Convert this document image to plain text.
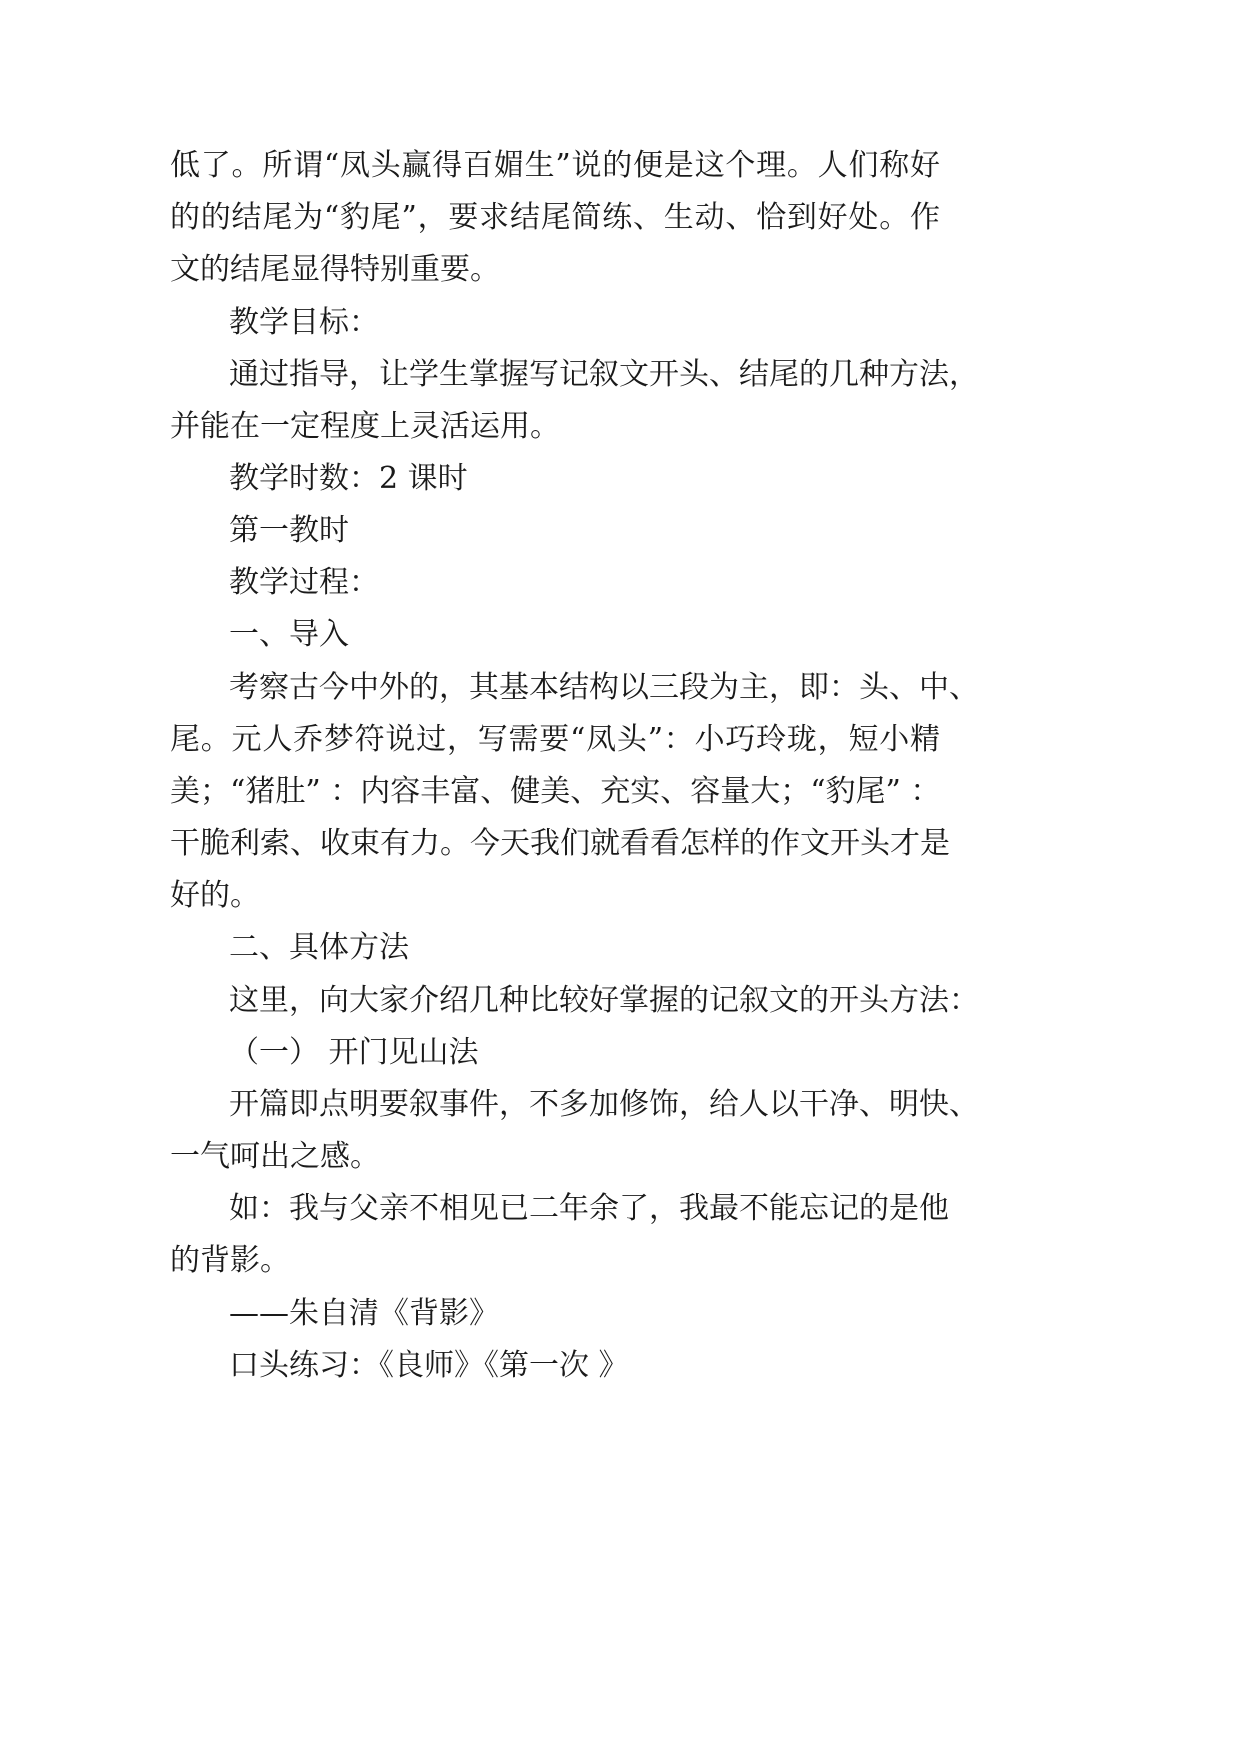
低了。所谓“凤头赢得百媚生”说的便是这个理。人们称好
的的结尾为“豹尾”，要求结尾简练、生动、恰到好处。作
文的结尾显得特别重要。
教学目标：
通过指导，让学生掌握写记叙文开头、结尾的几种方法，
并能在一定程度上灵活运用。
教学时数：2 课时
第一教时
教学过程：
一、导入
考察古今中外的，其基本结构以三段为主，即：头、中、
尾。元人乔梦符说过，写需要“凤头”：小巧玲珑，短小精
美；“猪肚” ：内容丰富、健美、充实、容量大；“豹尾” ：
干脆利索、收束有力。今天我们就看看怎样的作文开头才是
好的。
二、具体方法
这里，向大家介绍几种比较好掌握的记叙文的开头方法：
（一） 开门见山法
开篇即点明要叙事件，不多加修饰，给人以干净、明快、
一气呵出之感。
如：我与父亲不相见已二年余了，我最不能忘记的是他
的背影。
——朱自清《背影》
口头练习：《良师》《第一次 》
